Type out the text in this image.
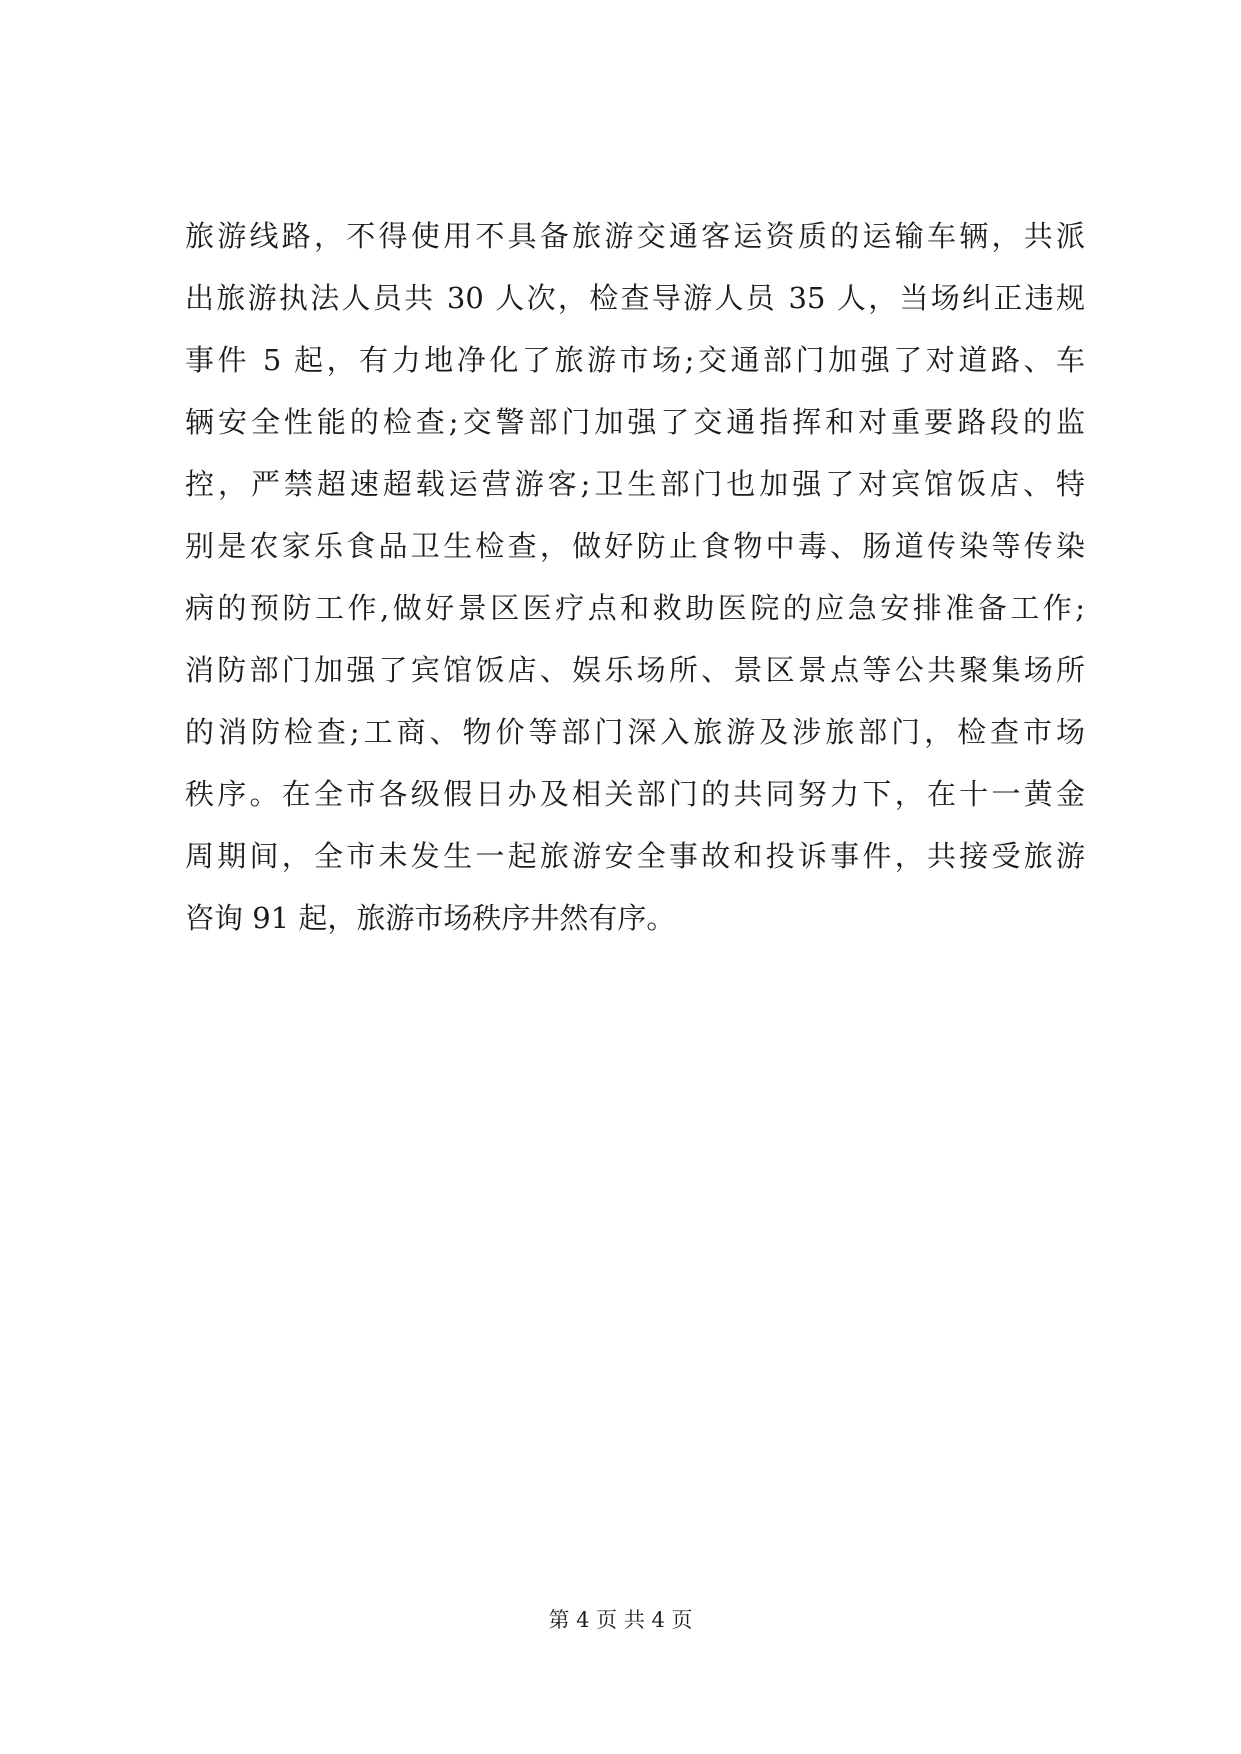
旅游线路，不得使用不具备旅游交通客运资质的运输车辆，共派
出旅游执法人员共 30 人次，检查导游人员 35 人，当场纠正违规
事件 5 起，有力地净化了旅游市场;交通部门加强了对道路、车
辆安全性能的检查;交警部门加强了交通指挥和对重要路段的监
控，严禁超速超载运营游客;卫生部门也加强了对宾馆饭店、特
别是农家乐食品卫生检查，做好防止食物中毒、肠道传染等传染
病的预防工作,做好景区医疗点和救助医院的应急安排准备工作;
消防部门加强了宾馆饭店、娱乐场所、景区景点等公共聚集场所
的消防检查;工商、物价等部门深入旅游及涉旅部门，检查市场
秩序。在全市各级假日办及相关部门的共同努力下，在十一黄金
周期间，全市未发生一起旅游安全事故和投诉事件，共接受旅游
咨询 91 起，旅游市场秩序井然有序。
第 4 页 共 4 页
